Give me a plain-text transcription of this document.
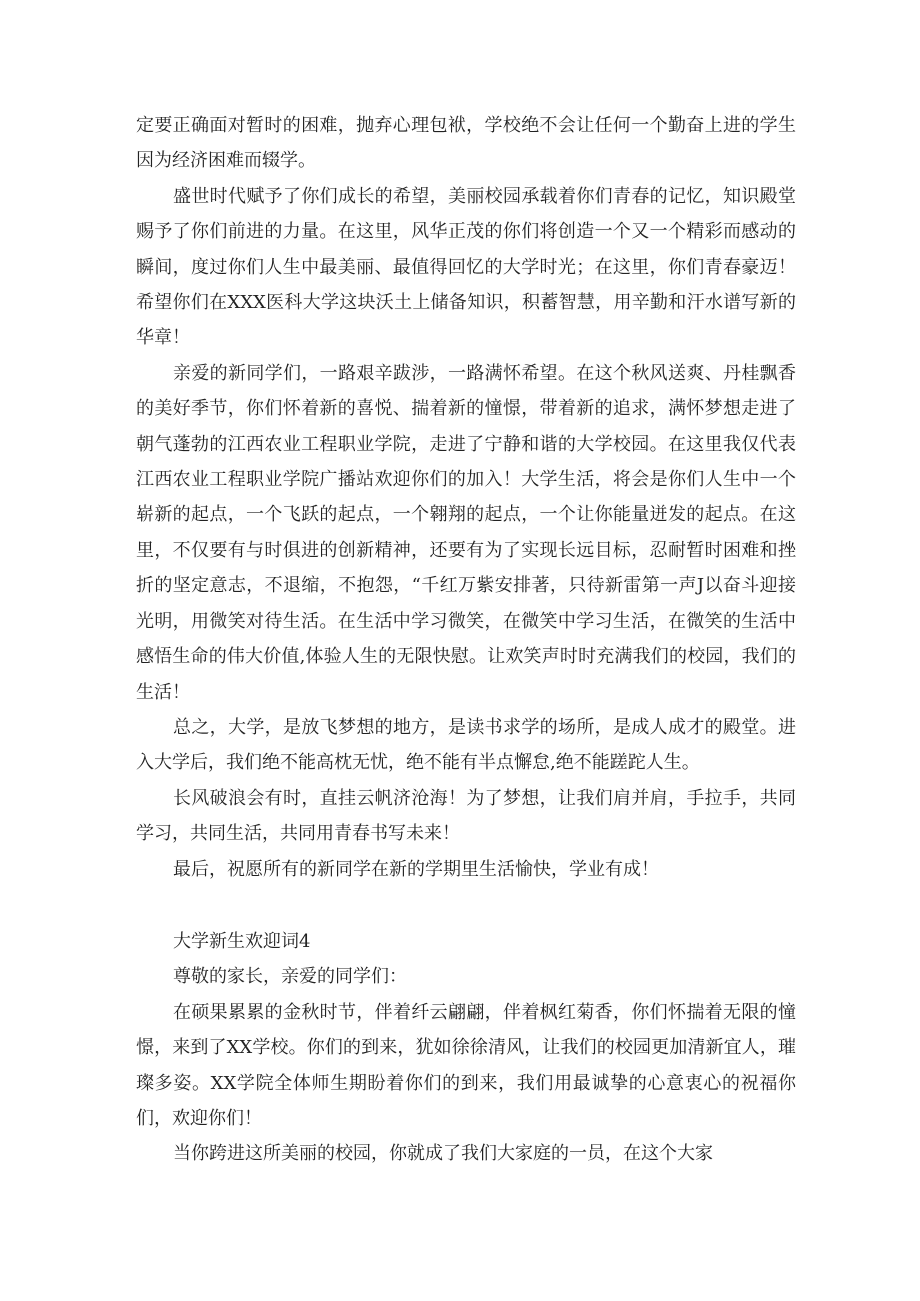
定要正确面对暂时的困难，抛弃心理包袱，学校绝不会让任何一个勤奋上进的学生因为经济困难而辍学。

盛世时代赋予了你们成长的希望，美丽校园承载着你们青春的记忆，知识殿堂赐予了你们前进的力量。在这里，风华正茂的你们将创造一个又一个精彩而感动的瞬间，度过你们人生中最美丽、最值得回忆的大学时光；在这里，你们青春豪迈！希望你们在XXX医科大学这块沃土上储备知识，积蓄智慧，用辛勤和汗水谱写新的华章！

亲爱的新同学们，一路艰辛跋涉，一路满怀希望。在这个秋风送爽、丹桂飘香的美好季节，你们怀着新的喜悦、揣着新的憧憬，带着新的追求，满怀梦想走进了朝气蓬勃的江西农业工程职业学院，走进了宁静和谐的大学校园。在这里我仅代表江西农业工程职业学院广播站欢迎你们的加入！大学生活，将会是你们人生中一个崭新的起点，一个飞跃的起点，一个翱翔的起点，一个让你能量迸发的起点。在这里，不仅要有与时俱进的创新精神，还要有为了实现长远目标，忍耐暂时困难和挫折的坚定意志，不退缩，不抱怨，“千红万紫安排著，只待新雷第一声J以奋斗迎接光明，用微笑对待生活。在生活中学习微笑，在微笑中学习生活，在微笑的生活中感悟生命的伟大价值,体验人生的无限快慰。让欢笑声时时充满我们的校园，我们的生活！

总之，大学，是放飞梦想的地方，是读书求学的场所，是成人成才的殿堂。进入大学后，我们绝不能高枕无忧，绝不能有半点懈怠,绝不能蹉跎人生。

长风破浪会有时，直挂云帆济沧海！为了梦想，让我们肩并肩，手拉手，共同学习，共同生活，共同用青春书写未来！

最后，祝愿所有的新同学在新的学期里生活愉快，学业有成！

大学新生欢迎词4

尊敬的家长，亲爱的同学们：

在硕果累累的金秋时节，伴着纤云翩翩，伴着枫红菊香，你们怀揣着无限的憧憬，来到了XX学校。你们的到来，犹如徐徐清风，让我们的校园更加清新宜人，璀璨多姿。XX学院全体师生期盼着你们的到来，我们用最诚挚的心意衷心的祝福你们，欢迎你们！

当你跨进这所美丽的校园，你就成了我们大家庭的一员，在这个大家
